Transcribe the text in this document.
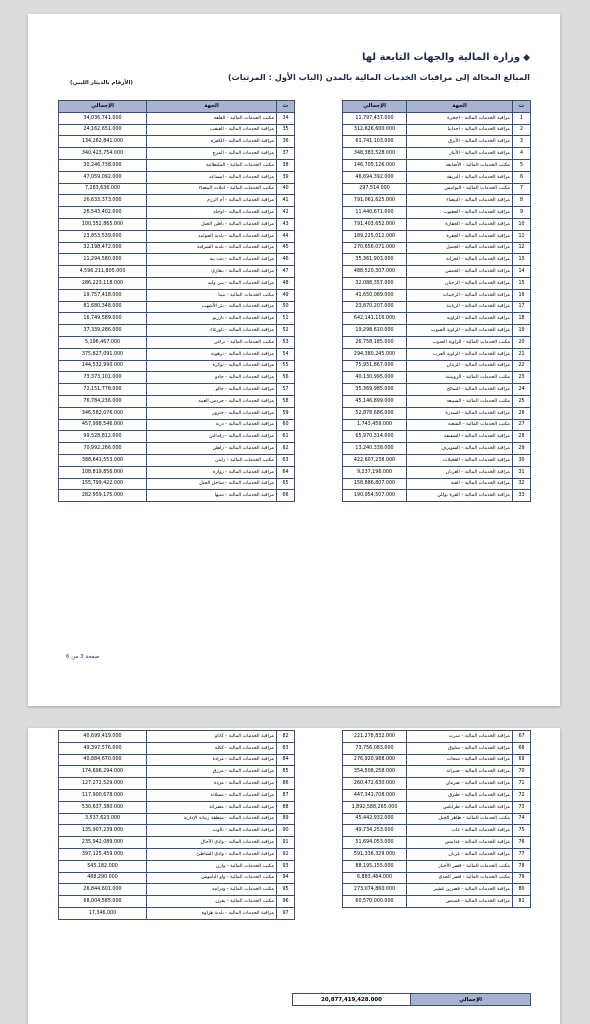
◆وزارة المالية والجهات التابعة لها
المبالغ المحالة إلى مراقبات الخدمات المالية بالمدن (الباب الأول : المرتبات)
(الأرقام بالدينار الليبي)
صفحة 3 من 6
ت	الجهة	الإجمالي
1	مراقبة الخدمات المالية - اجخرة	11,797,437.000
2	مراقبة الخدمات المالية - اجدابيا	312,626,600.000
3	مراقبة الخدمات المالية - الأبرق	61,741,103.000
4	مراقبة الخدمات المالية - الأبيار	348,383,528.000
5	مكتب الخدمات المالية - الأصابعة	146,705,126.000
6	مراقبة الخدمات المالية - البريقة	46,694,392.000
7	مكتب الخدمات المالية - البوانيس	297,514.000
8	مراقبة الخدمات المالية - البيضاء	791,061,625.000
9	مراقبة الخدمات المالية - الجغبوب	11,440,671.000
10	مراقبة الخدمات المالية - الجفارة	791,403,652.000
11	مراقبة الخدمات المالية - الجفرة	189,225,012.000
12	مراقبة الخدمات المالية - الجميل	270,656,071.000
13	مراقبة الخدمات المالية - الحرابة	35,361,903.000
14	مراقبة الخدمات المالية - الخمس	488,520,307.000
15	مراقبة الخدمات المالية - الرجبان	32,088,357.000
16	مراقبة الخدمات المالية - الرحيبات	41,650,089.000
17	مراقبة الخدمات المالية - الرياينة	23,870,207.000
18	مراقبة الخدمات المالية - الزاوية	642,141,116.000
19	مراقبة الخدمات المالية - الزاوية الجنوب	19,298,610.000
20	مكتب الخدمات المالية - الزاوية الجنوب	26,758,185.000
21	مراقبة الخدمات المالية - الزاوية الغرب	294,380,245.000
22	مراقبة الخدمات المالية - الزنتان	75,951,867.000
23	مكتب الخدمات المالية - الزويتينة	40,130,995.000
24	مراقبة الخدمات المالية - السائح	35,369,985.000
25	مكتب الخدمات المالية - السبيعة	45,146,899.000
26	مراقبة الخدمات المالية - السدرة	52,878,686.000
27	مكتب الخدمات المالية - الشعبة	1,743,459.000
28	مراقبة الخدمات المالية - الشقيقة	65,970,314.000
29	مراقبة الخدمات المالية - الشويرف	13,240,338.000
30	مراقبة الخدمات المالية - العجيلات	422,607,238.000
31	مراقبة الخدمات المالية - العربان	9,237,196.000
32	مراقبة الخدمات المالية - القبة	158,886,807.000
33	مراقبة الخدمات المالية - القرة بوللي	190,954,507.000
ت	الجهة	الإجمالي
34	مكتب الخدمات المالية - القلعة	34,036,741.000
35	مراقبة الخدمات المالية - القيقب	24,162,651.000
36	مراقبة الخدمات المالية - الكفرة	134,262,841.000
37	مراقبة الخدمات المالية - المرج	340,423,754.000
38	مكتب الخدمات المالية - المليطانية	30,246,738.000
39	مراقبة الخدمات المالية - امساعد	47,059,092.000
40	مكتب الخدمات المالية - انتلات البيضاء	7,283,636.000
41	مراقبة الخدمات المالية - أم الرزم	26,633,373.000
42	مراقبة الخدمات المالية - اوجلة	26,543,402.000
43	مراقبة الخدمات المالية - باطن الجبل	100,352,865.000
44	مراقبة الخدمات المالية - بلدية الجوامد	23,853,539.000
45	مراقبة الخدمات المالية - بلدية الشرقية	32,198,472.000
46	مراقبة الخدمات المالية - بنت بية	11,294,580.000
47	مراقبة الخدمات المالية - بنغازي	4,596,211,805.000
48	مراقبة الخدمات المالية - بني وليد	286,223,118.000
49	مكتب الخدمات المالية - بنينا	19,757,418.000
50	مراقبة الخدمات المالية - بئر الأشهب	81,680,348.000
51	مراقبة الخدمات المالية - تازربو	16,749,589.000
52	مراقبة الخدمات المالية - تاورغاء	37,339,286.000
53	مكتب الخدمات المالية - تراغن	5,196,467.000
54	مراقبة الخدمات المالية - ترهونة	375,827,091.000
55	مراقبة الخدمات المالية - توكرة	144,532,990.000
56	مراقبة الخدمات المالية - جادو	73,373,101.000
57	مراقبة الخدمات المالية - جالو	72,151,778.000
58	مراقبة الخدمات المالية - جردس العبيد	76,784,236.000
59	مراقبة الخدمات المالية - جنزور	346,582,076.000
60	مراقبة الخدمات المالية - درنة	457,998,546.000
61	مراقبة الخدمات المالية - رقدالين	99,528,812.000
62	مراقبة الخدمات المالية - زلطن	70,992,266.000
63	مكتب الخدمات المالية - زليتن	388,641,553.000
64	مراقبة الخدمات المالية - زوارة	108,819,856.000
65	مراقبة الخدمات المالية - ساحل الجبل	155,799,422.000
66	مراقبة الخدمات المالية - سبها	282,959,175.000
67	مراقبة الخدمات المالية - سرت	221,278,832.000
68	مراقبة الخدمات المالية - سلوق	73,756,083.000
69	مراقبة الخدمات المالية - شحات	276,920,988.000
70	مراقبة الخدمات المالية - صبراتة	354,508,258.000
71	مراقبة الخدمات المالية - صرمان	260,472,630.000
72	مراقبة الخدمات المالية - طبرق	447,341,708.000
73	مراقبة الخدمات المالية - طرابلس	1,892,588,265.000
74	مكتب الخدمات المالية - ظاهر الجبل	45,442,932.000
75	مراقبة الخدمات المالية - غات	49,734,253.000
76	مراقبة الخدمات المالية - غدامس	51,694,053.000
77	مراقبة الخدمات المالية - غريان	591,336,329.000
78	مكتب الخدمات المالية - قصر الأخيار	88,195,155.000
79	مكتب الخدمات المالية - قصر الجدي	6,883,464.000
80	مراقبة الخدمات المالية - قصرين غشير	273,074,860.000
81	مراقبة الخدمات المالية - قمينس	60,570,000.000
82	مراقبة الخدمات المالية - كاباو	40,699,419.000
83	مراقبة الخدمات المالية - ككلة	49,397,576.000
84	مراقبة الخدمات المالية - مرادة	40,884,670.000
85	مراقبة الخدمات المالية - مرزق	174,696,294.000
86	مراقبة الخدمات المالية - مزدة	127,272,529.000
87	مراقبة الخدمات المالية - مسلاتة	117,900,678.000
88	مراقبة الخدمات المالية - مصراتة	530,637,380.000
89	مراقبة الخدمات المالية - منطقة ربيانة الإدارية	3,537,623.000
90	مراقبة الخدمات المالية - نالوت	135,907,239.000
91	مراقبة الخدمات المالية - وادي الآجال	235,942,089.000
92	مراقبة الخدمات المالية - وادي الشاطئ	397,125,459.000
93	مكتب الخدمات المالية - وازن	545,182.000
94	مكتب الخدمات المالية - واو الناموس	488,290.000
95	مكتب الخدمات المالية - ودرامة	26,844,601.000
96	مكتب الخدمات المالية - يفرن	68,004,585.000
97	مراقبة الخدمات المالية - بلدية هراوة	17,346.000
الإجمالي	20,877,419,428.000
